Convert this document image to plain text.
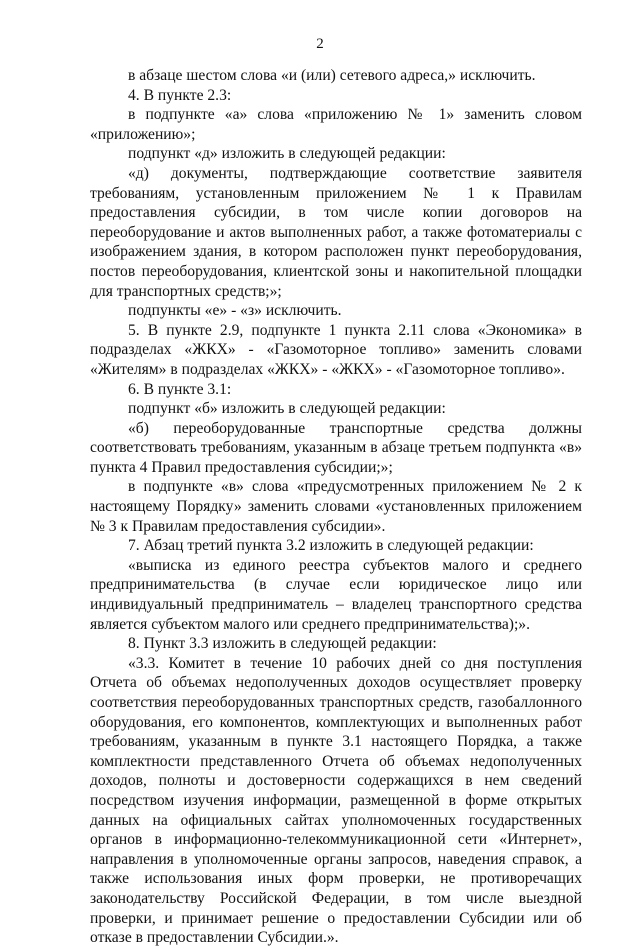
2

в абзаце шестом слова «и (или) сетевого адреса,» исключить.

4. В пункте 2.3:

в подпункте «а» слова «приложению № 1» заменить словом «приложению»;

подпункт «д» изложить в следующей редакции:

«д) документы, подтверждающие соответствие заявителя требованиям, установленным приложением № 1 к Правилам предоставления субсидии, в том числе копии договоров на переоборудование и актов выполненных работ, а также фотоматериалы с изображением здания, в котором расположен пункт переоборудования, постов переоборудования, клиентской зоны и накопительной площадки для транспортных средств;»;

подпункты «е» - «з» исключить.

5. В пункте 2.9, подпункте 1 пункта 2.11 слова «Экономика» в подразделах «ЖКХ» - «Газомоторное топливо» заменить словами «Жителям» в подразделах «ЖКХ» - «ЖКХ» - «Газомоторное топливо».

6. В пункте 3.1:

подпункт «б» изложить в следующей редакции:

«б) переоборудованные транспортные средства должны соответствовать требованиям, указанным в абзаце третьем подпункта «в» пункта 4 Правил предоставления субсидии;»;

в подпункте «в» слова «предусмотренных приложением № 2 к настоящему Порядку» заменить словами «установленных приложением № 3 к Правилам предоставления субсидии».

7. Абзац третий пункта 3.2 изложить в следующей редакции:

«выписка из единого реестра субъектов малого и среднего предпринимательства (в случае если юридическое лицо или индивидуальный предприниматель – владелец транспортного средства является субъектом малого или среднего предпринимательства);».

8. Пункт 3.3 изложить в следующей редакции:

«3.3. Комитет в течение 10 рабочих дней со дня поступления Отчета об объемах недополученных доходов осуществляет проверку соответствия переоборудованных транспортных средств, газобаллонного оборудования, его компонентов, комплектующих и выполненных работ требованиям, указанным в пункте 3.1 настоящего Порядка, а также комплектности представленного Отчета об объемах недополученных доходов, полноты и достоверности содержащихся в нем сведений посредством изучения информации, размещенной в форме открытых данных на официальных сайтах уполномоченных государственных органов в информационно-телекоммуникационной сети «Интернет», направления в уполномоченные органы запросов, наведения справок, а также использования иных форм проверки, не противоречащих законодательству Российской Федерации, в том числе выездной проверки, и принимает решение о предоставлении Субсидии или об отказе в предоставлении Субсидии.».
